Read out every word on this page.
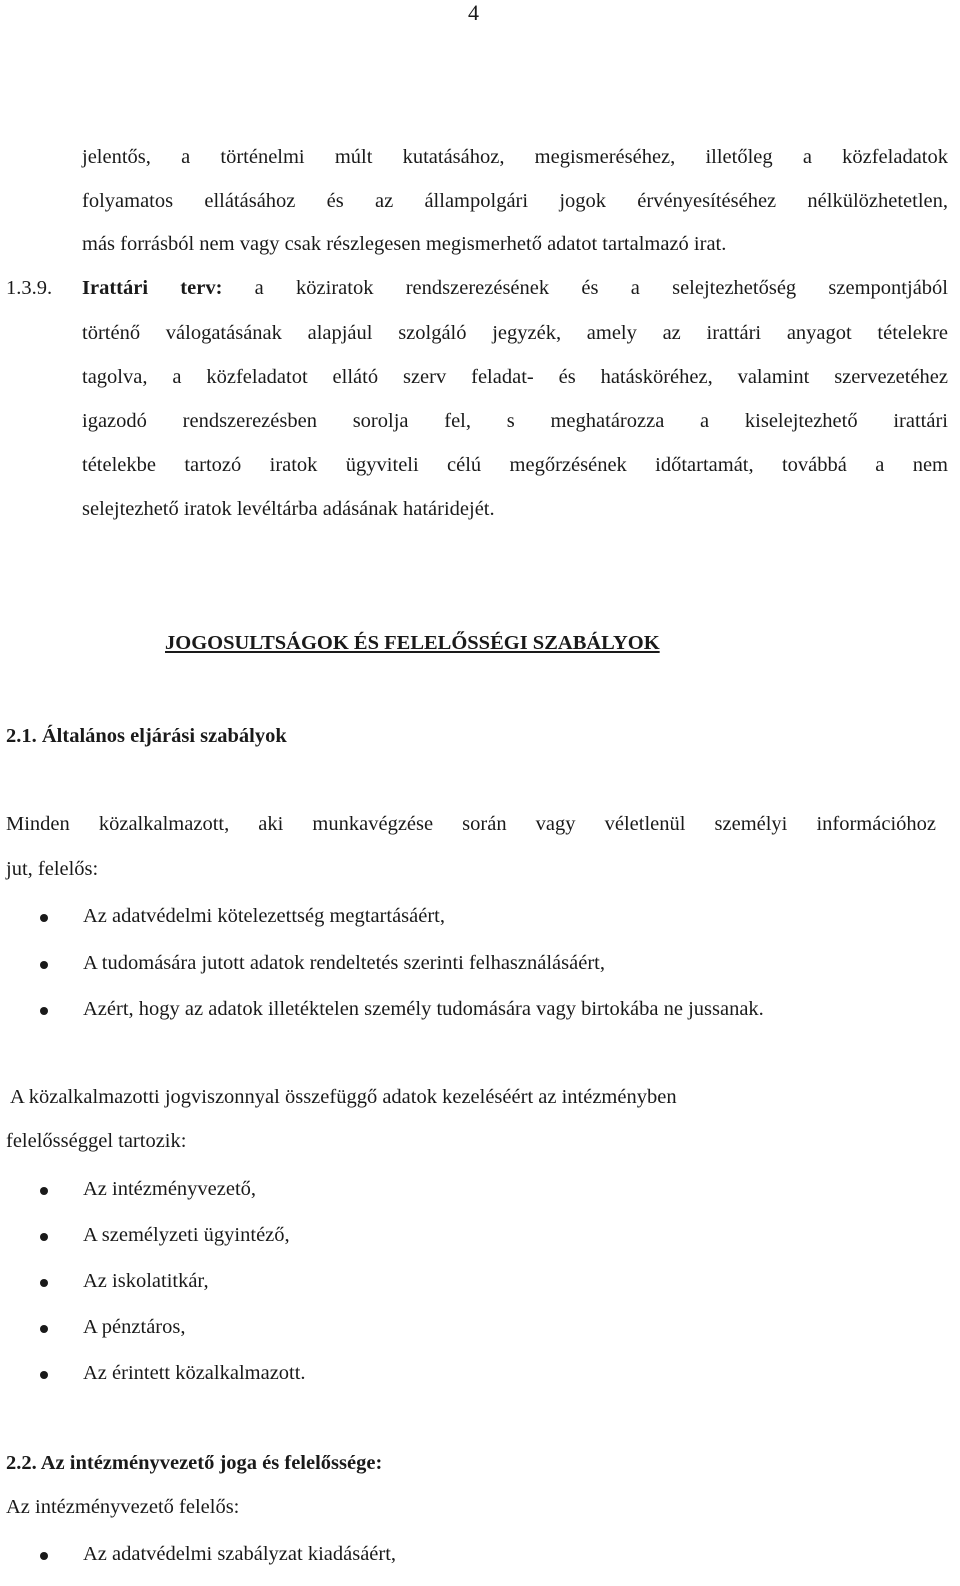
4
jelentős, a történelmi múlt kutatásához, megismeréséhez, illetőleg a közfeladatok
folyamatos ellátásához és az állampolgári jogok érvényesítéséhez nélkülözhetetlen,
más forrásból nem vagy csak részlegesen megismerhető adatot tartalmazó irat.
1.3.9. Irattári terv: a köziratok rendszerezésének és a selejtezhetőség szempontjából
történő válogatásának alapjául szolgáló jegyzék, amely az irattári anyagot tételekre
tagolva, a közfeladatot ellátó szerv feladat- és hatásköréhez, valamint szervezetéhez
igazodó rendszerezésben sorolja fel, s meghatározza a kiselejtezhető irattári
tételekbe tartozó iratok ügyviteli célú megőrzésének időtartamát, továbbá a nem
selejtezhető iratok levéltárba adásának határidejét.
JOGOSULTSÁGOK ÉS FELELŐSSÉGI SZABÁLYOK
2.1. Általános eljárási szabályok
Minden közalkalmazott, aki munkavégzése során vagy véletlenül személyi információhoz
jut, felelős:
Az adatvédelmi kötelezettség megtartásáért,
A tudomására jutott adatok rendeltetés szerinti felhasználásáért,
Azért, hogy az adatok illetéktelen személy tudomására vagy birtokába ne jussanak.
A közalkalmazotti jogviszonnyal összefüggő adatok kezeléséért az intézményben
felelősséggel tartozik:
Az intézményvezető,
A személyzeti ügyintéző,
Az iskolatitkár,
A pénztáros,
Az érintett közalkalmazott.
2.2. Az intézményvezető joga és felelőssége:
Az intézményvezető felelős:
Az adatvédelmi szabályzat kiadásáért,
